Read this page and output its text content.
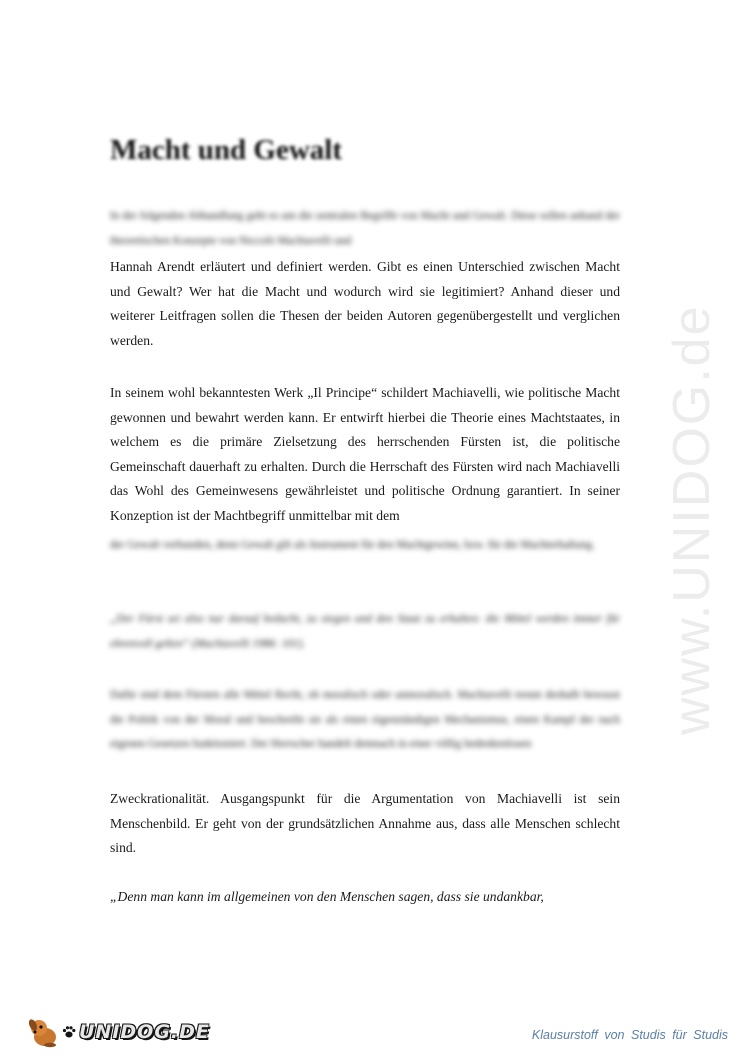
Macht und Gewalt

In der folgenden Abhandlung geht es um die zentralen Begriffe von Macht und Gewalt. Diese sollen anhand der theoretischen Konzepte von Niccolò Machiavelli und

Hannah Arendt erläutert und definiert werden. Gibt es einen Unterschied zwischen Macht und Gewalt? Wer hat die Macht und wodurch wird sie legitimiert? Anhand dieser und weiterer Leitfragen sollen die Thesen der beiden Autoren gegenübergestellt und verglichen werden.

In seinem wohl bekanntesten Werk „Il Principe“ schildert Machiavelli, wie politische Macht gewonnen und bewahrt werden kann. Er entwirft hierbei die Theorie eines Machtstaates, in welchem es die primäre Zielsetzung des herrschenden Fürsten ist, die politische Gemeinschaft dauerhaft zu erhalten. Durch die Herrschaft des Fürsten wird nach Machiavelli das Wohl des Gemeinwesens gewährleistet und politische Ordnung garantiert. In seiner Konzeption ist der Machtbegriff unmittelbar mit dem

der Gewalt verbunden, denn Gewalt gilt als Instrument für den Machtgewinn, bzw. für die Machterhaltung.

„Der Fürst sei also nur darauf bedacht, zu siegen und den Staat zu erhalten: die Mittel werden immer für ehrenvoll gelten“ (Machiavelli 1986: 101).

Dafür sind dem Fürsten alle Mittel Recht, ob moralisch oder unmoralisch. Machiavelli trennt deshalb bewusst die Politik von der Moral und beschreibt sie als einen eigenständigen Mechanismus, einen Kampf der nach eigenen Gesetzen funktioniert. Der Herrscher handelt demnach in einer völlig bedenkenlosen

Zweckrationalität. Ausgangspunkt für die Argumentation von Machiavelli ist sein Menschenbild. Er geht von der grundsätzlichen Annahme aus, dass alle Menschen schlecht sind.

„Denn man kann im allgemeinen von den Menschen sagen, dass sie undankbar,

www.UNIDOG.de
UNIDOG.DE	Klausurstoff von Studis für Studis
